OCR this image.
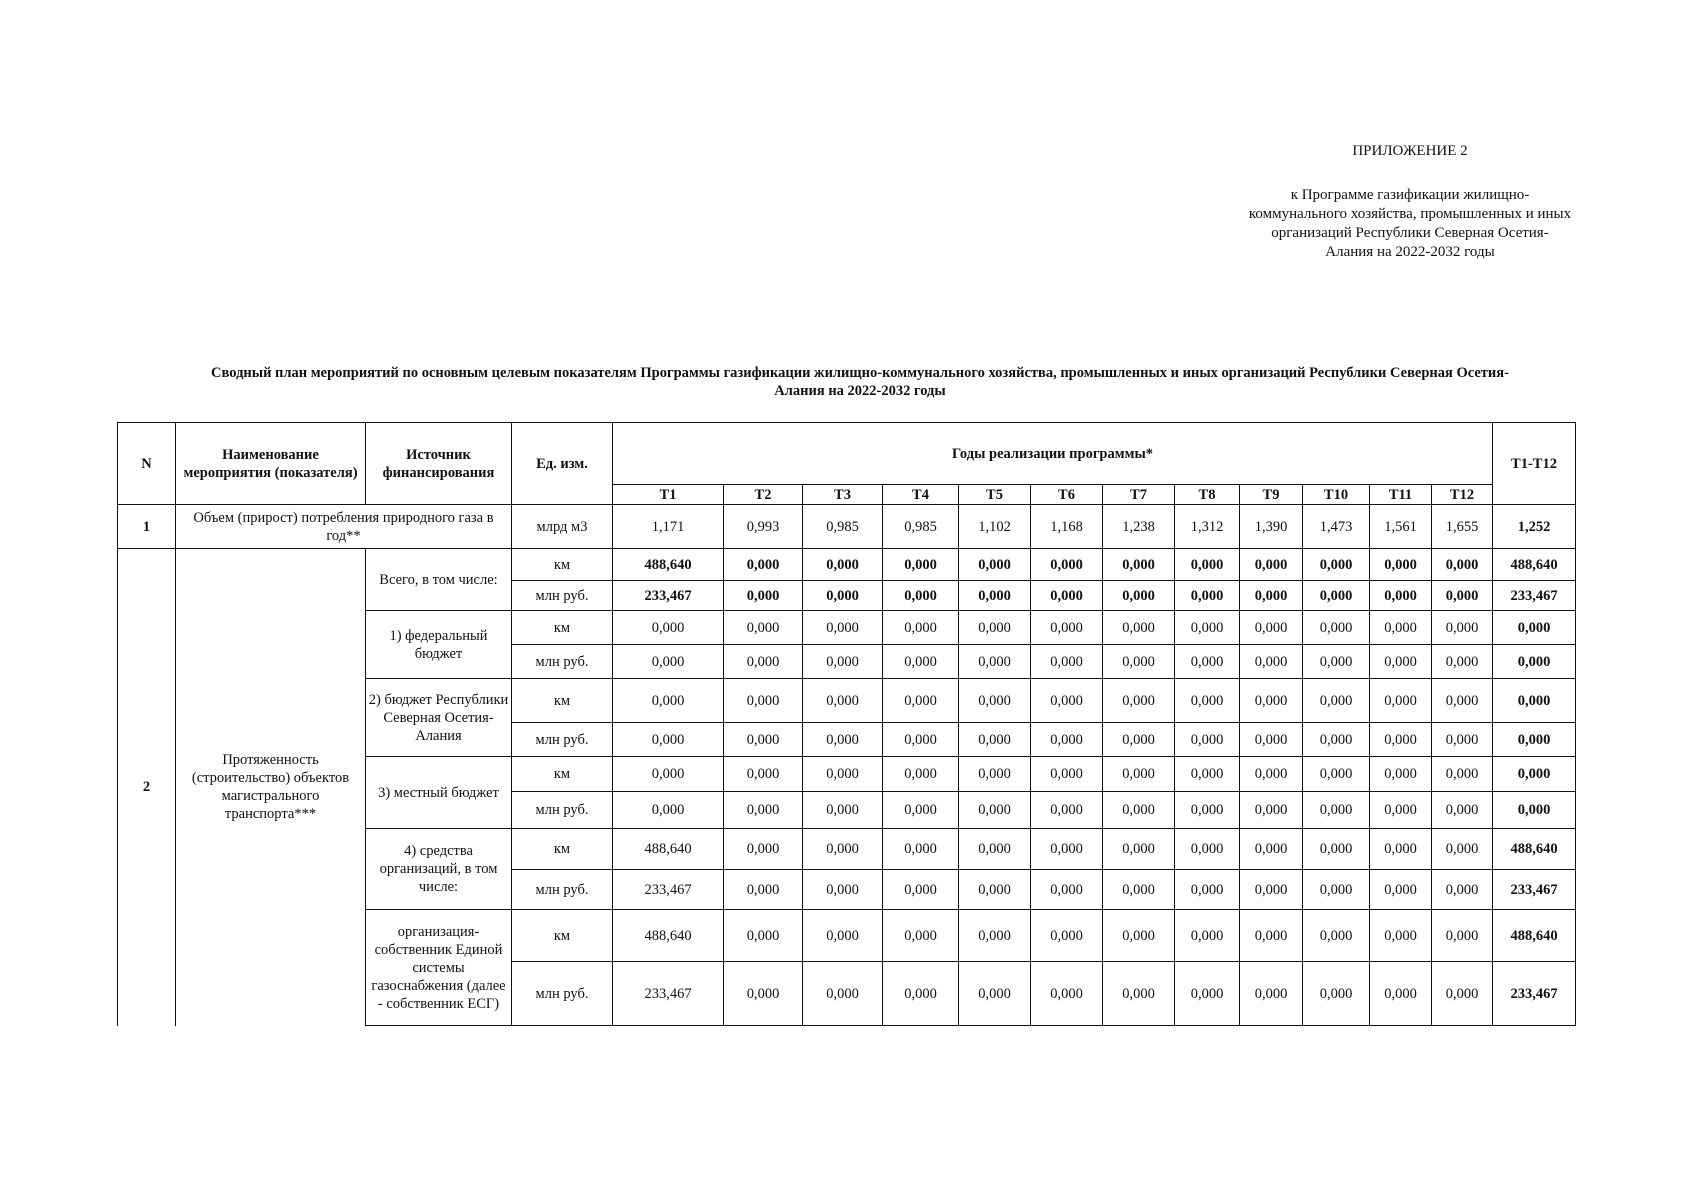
ПРИЛОЖЕНИЕ 2
к Программе газификации жилищно-
коммунального хозяйства, промышленных и иных
организаций Республики Северная Осетия-
Алания на 2022-2032 годы
Сводный план мероприятий по основным целевым показателям Программы газификации жилищно-коммунального хозяйства, промышленных и иных организаций Республики Северная Осетия-
Алания на 2022-2032 годы
N	Наименование мероприятия (показателя)	Источник финансирования	Ед. изм.	Годы реализации программы*												Т1-Т12
				Т1	Т2	Т3	Т4	Т5	Т6	Т7	Т8	Т9	Т10	Т11	Т12	
1	Объем (прирост) потребления природного газа в год**		млрд м3	1,171	0,993	0,985	0,985	1,102	1,168	1,238	1,312	1,390	1,473	1,561	1,655	1,252
2	Протяженность (строительство) объектов магистрального транспорта***	Всего, в том числе:	км	488,640	0,000	0,000	0,000	0,000	0,000	0,000	0,000	0,000	0,000	0,000	0,000	488,640
			млн руб.	233,467	0,000	0,000	0,000	0,000	0,000	0,000	0,000	0,000	0,000	0,000	0,000	233,467
		1) федеральный бюджет	км	0,000	0,000	0,000	0,000	0,000	0,000	0,000	0,000	0,000	0,000	0,000	0,000	0,000
			млн руб.	0,000	0,000	0,000	0,000	0,000	0,000	0,000	0,000	0,000	0,000	0,000	0,000	0,000
		2) бюджет Республики Северная Осетия-Алания	км	0,000	0,000	0,000	0,000	0,000	0,000	0,000	0,000	0,000	0,000	0,000	0,000	0,000
			млн руб.	0,000	0,000	0,000	0,000	0,000	0,000	0,000	0,000	0,000	0,000	0,000	0,000	0,000
		3) местный бюджет	км	0,000	0,000	0,000	0,000	0,000	0,000	0,000	0,000	0,000	0,000	0,000	0,000	0,000
			млн руб.	0,000	0,000	0,000	0,000	0,000	0,000	0,000	0,000	0,000	0,000	0,000	0,000	0,000
		4) средства организаций, в том числе:	км	488,640	0,000	0,000	0,000	0,000	0,000	0,000	0,000	0,000	0,000	0,000	0,000	488,640
			млн руб.	233,467	0,000	0,000	0,000	0,000	0,000	0,000	0,000	0,000	0,000	0,000	0,000	233,467
		организация-собственник Единой системы газоснабжения (далее - собственник ЕСГ)	км	488,640	0,000	0,000	0,000	0,000	0,000	0,000	0,000	0,000	0,000	0,000	0,000	488,640
			млн руб.	233,467	0,000	0,000	0,000	0,000	0,000	0,000	0,000	0,000	0,000	0,000	0,000	233,467
